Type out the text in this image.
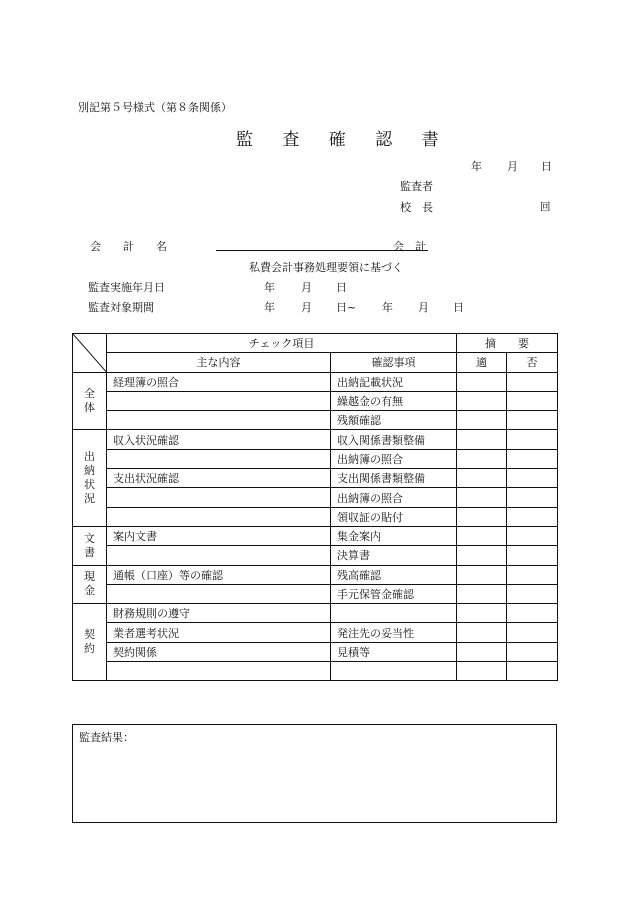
別記第５号様式（第８条関係）
監 査 確 認 書
年 月 日
監査者
校　長	回
会　　計　　名	会　計
私費会計事務処理要領に基づく
監査実施年月日	年 月 日
監査対象期間	年 月 日~ 年 月 日
	チェック項目		摘　　要	
	主な内容	確認事項	適	否

全体	経理簿の照合	出納記載状況		
		繰越金の有無		
		残額確認		

出納状況	収入状況確認	収入関係書類整備		
		出納簿の照合		
	支出状況確認	支出関係書類整備		
		出納簿の照合		
		領収証の貼付		

文書	案内文書	集金案内		
		決算書		

現金	通帳（口座）等の確認	残高確認		
		手元保管金確認		

契約	財務規則の遵守			
	業者選考状況	発注先の妥当性		
	契約関係	見積等		

監査結果：
